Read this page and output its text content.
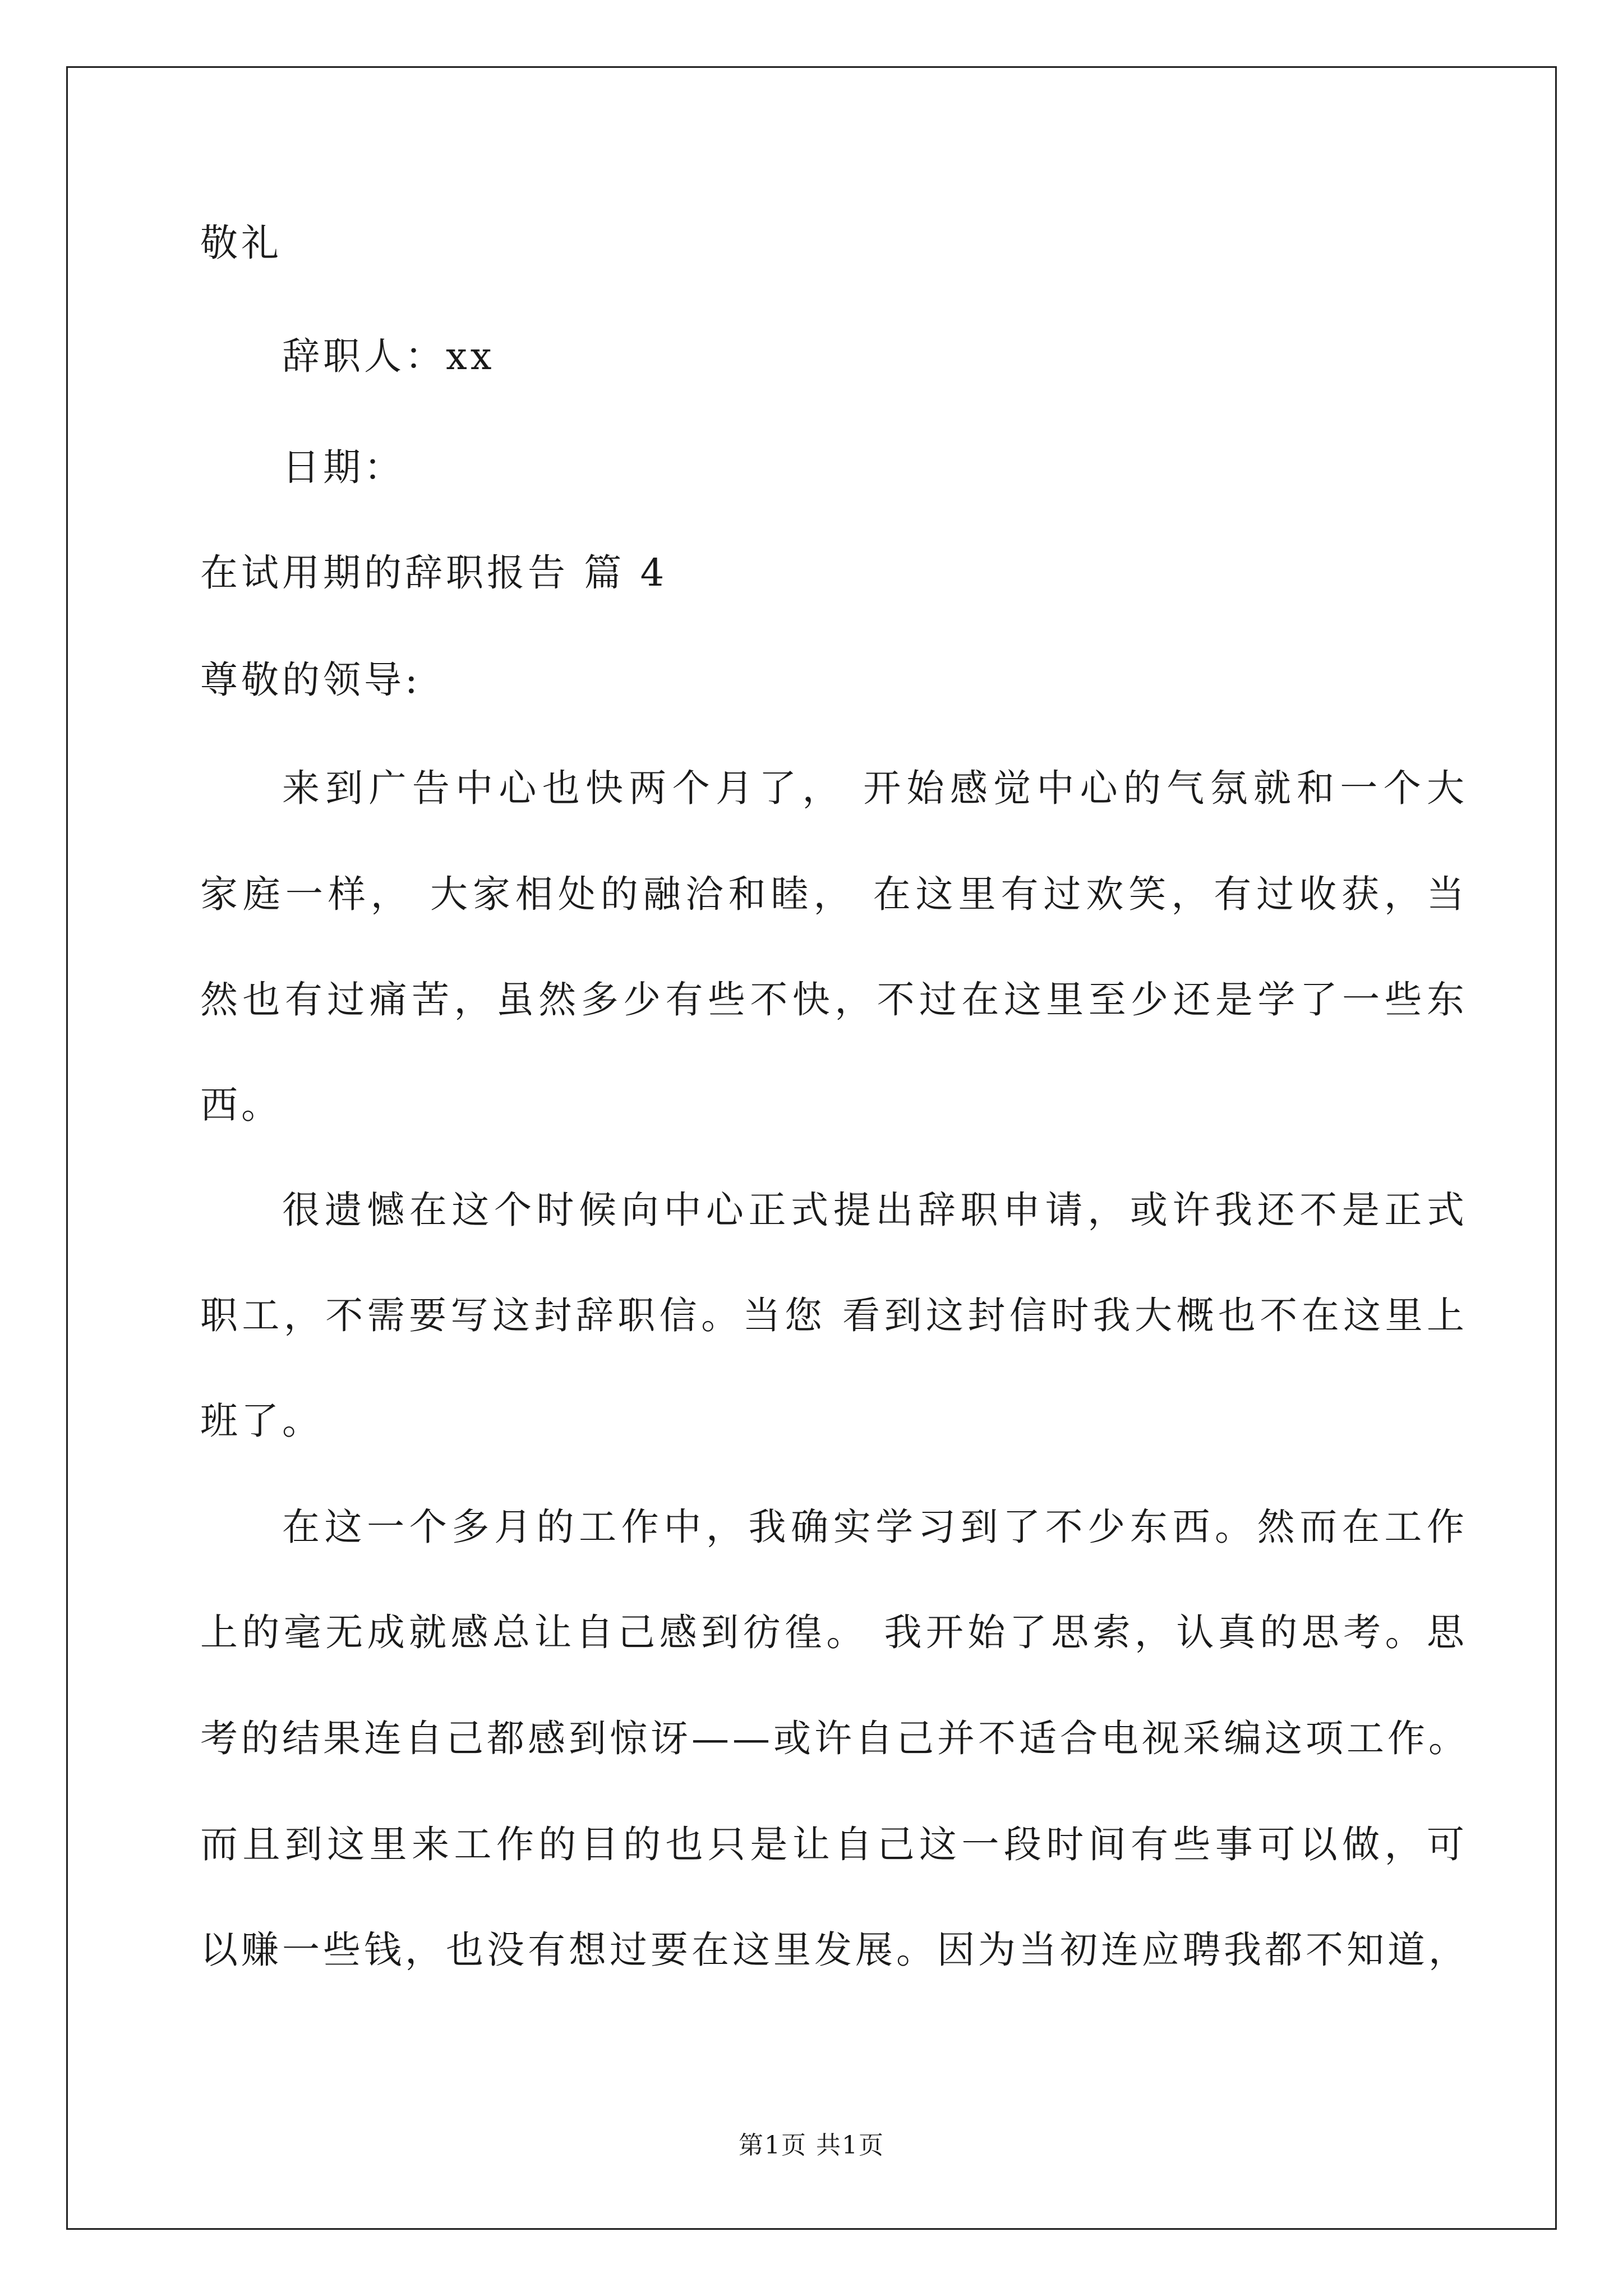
敬礼
辞职人：xx
日期：
在试用期的辞职报告 篇 4
尊敬的领导:
来到广告中心也快两个月了， 开始感觉中心的气氛就和一个大
家庭一样， 大家相处的融洽和睦， 在这里有过欢笑，有过收获，当
然也有过痛苦，虽然多少有些不快，不过在这里至少还是学了一些东
西。
很遗憾在这个时候向中心正式提出辞职申请，或许我还不是正式
职工，不需要写这封辞职信。当您 看到这封信时我大概也不在这里上
班了。
在这一个多月的工作中，我确实学习到了不少东西。然而在工作
上的毫无成就感总让自己感到彷徨。 我开始了思索，认真的思考。思
考的结果连自己都感到惊讶——或许自己并不适合电视采编这项工作。
而且到这里来工作的目的也只是让自己这一段时间有些事可以做，可
以赚一些钱，也没有想过要在这里发展。因为当初连应聘我都不知道，
第1页 共1页
